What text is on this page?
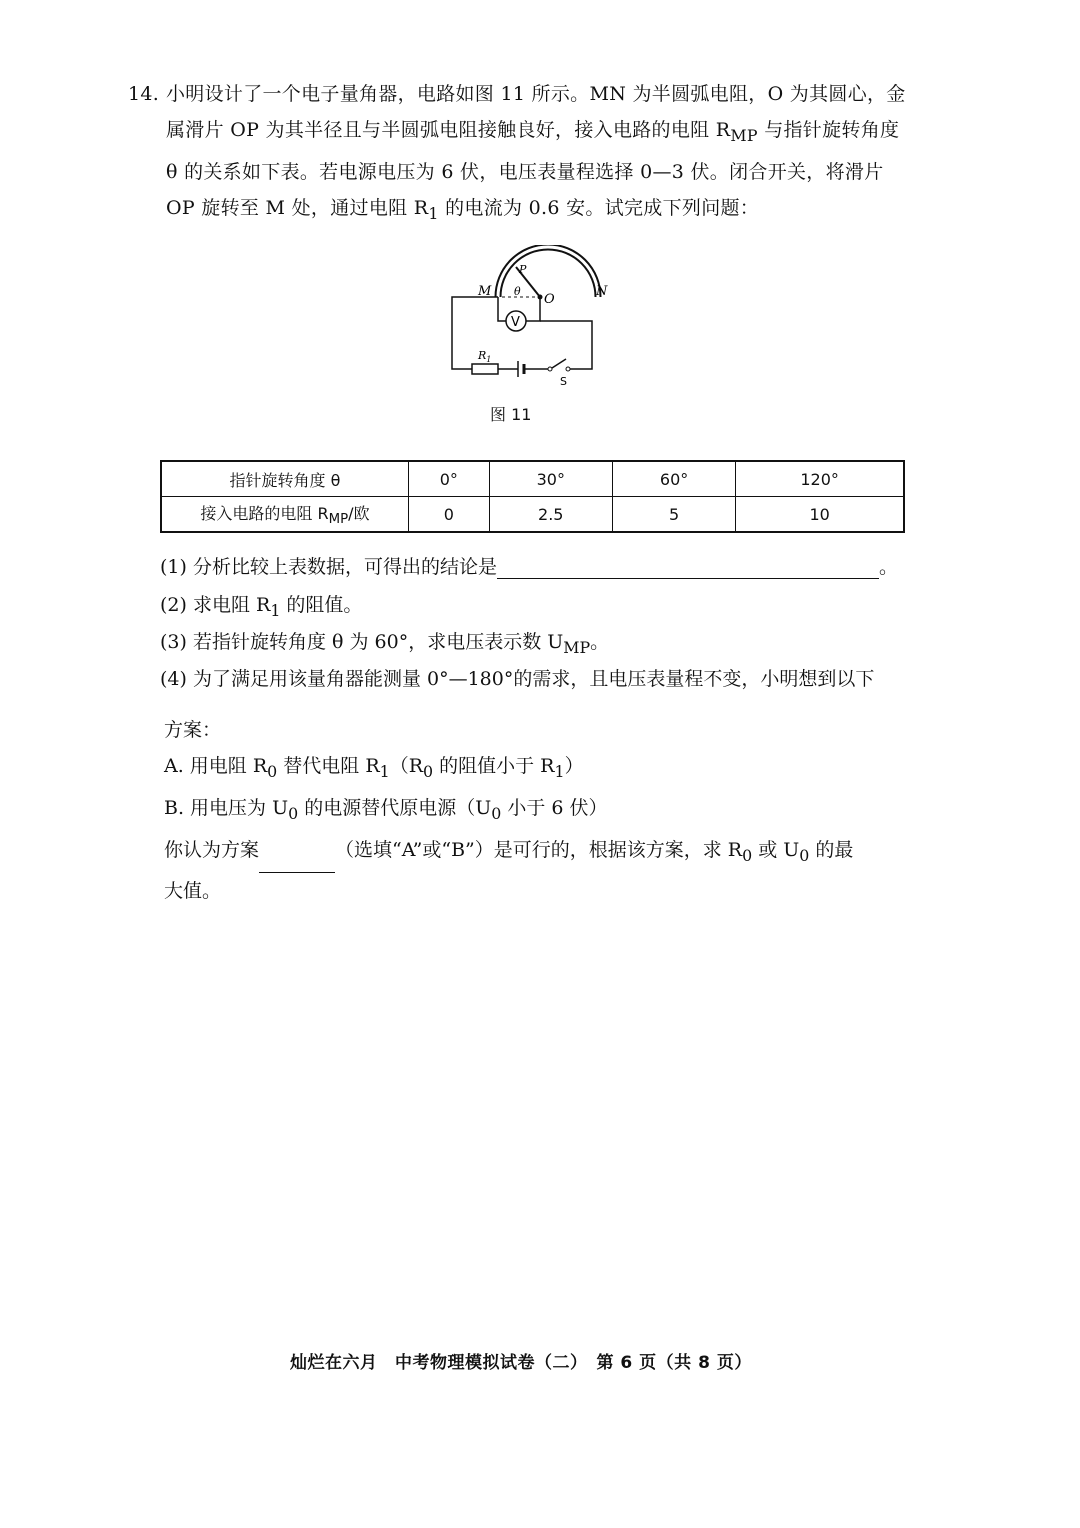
14. 小明设计了一个电子量角器，电路如图 11 所示。MN 为半圆弧电阻，O 为其圆心，金
属滑片 OP 为其半径且与半圆弧电阻接触良好，接入电路的电阻 $R_{MP}$ 与指针旋转角度
θ 的关系如下表。若电源电压为 6 伏，电压表量程选择 0—3 伏。闭合开关，将滑片
OP 旋转至 M 处，通过电阻 $R_1$ 的电流为 0.6 安。试完成下列问题：
V
M	N
O
P
θ
$R_1$
S
图 11
指针旋转角度 θ	0°	30°	60°	120°
接入电路的电阻 $R_{MP}/$欧	0	2.5	5	10
(1) 分析比较上表数据，可得出的结论是	。
(2) 求电阻 $R_1$ 的阻值。
(3) 若指针旋转角度 θ 为 60°，求电压表示数 $U_{MP}$。
(4) 为了满足用该量角器能测量 0°—180°的需求，且电压表量程不变，小明想到以下
方案：
A. 用电阻 $R_0$ 替代电阻 $R_1(R_0$ 的阻值小于 $R_1$）
B. 用电压为 $U_0$ 的电源替代原电源（$U_0$ 小于 6 伏）
你认为方案	（选填“A”或“B”）是可行的，根据该方案，求 $R_0$ 或 $U_0$ 的最
大值。
灿烂在六月　中考物理模拟试卷（二）　第 6 页（共 8 页）
